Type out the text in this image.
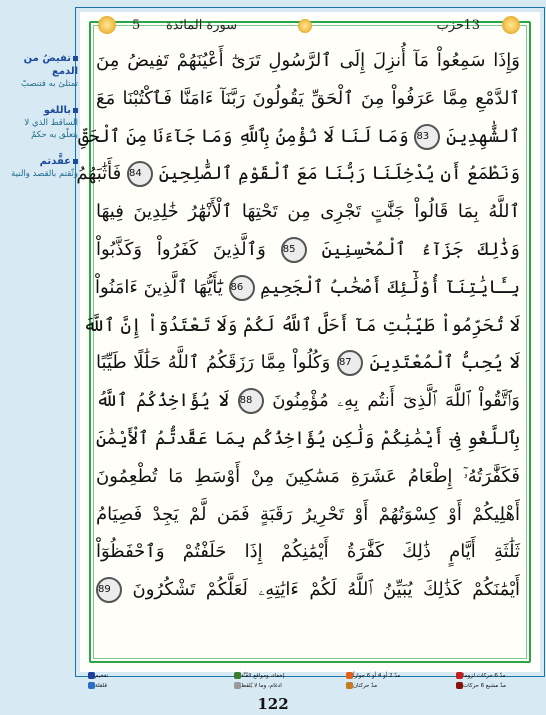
5 سورة المائدة	حزب 13
وَإِذَا سَمِعُواْ مَآ أُنزِلَ إِلَى ٱلرَّسُولِ تَرَىٰٓ أَعْيُنَهُمْ تَفِيضُ مِنَ
ٱلدَّمْعِ مِمَّا عَرَفُواْ مِنَ ٱلْحَقِّ يَقُولُونَ رَبَّنَآ ءَامَنَّا فَٱكْتُبْنَا مَعَ
ٱلشَّٰهِدِينَ 83 وَمَا لَنَا لَا نُؤْمِنُ بِٱللَّهِ وَمَا جَآءَنَا مِنَ ٱلْحَقِّ
وَنَطْمَعُ أَن يُدْخِلَنَا رَبُّنَا مَعَ ٱلْقَوْمِ ٱلصَّٰلِحِينَ 84 فَأَثَٰبَهُمُ
ٱللَّهُ بِمَا قَالُواْ جَنَّٰتٍ تَجْرِى مِن تَحْتِهَا ٱلْأَنْهَٰرُ خَٰلِدِينَ فِيهَا
وَذَٰلِكَ جَزَآءُ ٱلْمُحْسِنِينَ 85 وَٱلَّذِينَ كَفَرُواْ وَكَذَّبُواْ
بِـَٔايَٰتِنَآ أُوْلَٰٓئِكَ أَصْحَٰبُ ٱلْجَحِيمِ 86 يَٰٓأَيُّهَا ٱلَّذِينَ ءَامَنُواْ
لَا تُحَرِّمُواْ طَيِّبَٰتِ مَآ أَحَلَّ ٱللَّهُ لَكُمْ وَلَا تَعْتَدُوٓاْ إِنَّ ٱللَّهَ
لَا يُحِبُّ ٱلْمُعْتَدِينَ 87 وَكُلُواْ مِمَّا رَزَقَكُمُ ٱللَّهُ حَلَٰلًا طَيِّبًا
وَٱتَّقُواْ ٱللَّهَ ٱلَّذِىٓ أَنتُم بِهِۦ مُؤْمِنُونَ 88 لَا يُؤَاخِذُكُمُ ٱللَّهُ
بِٱللَّغْوِ فِىٓ أَيْمَٰنِكُمْ وَلَٰكِن يُؤَاخِذُكُم بِمَا عَقَّدتُّمُ ٱلْأَيْمَٰنَ
فَكَفَّٰرَتُهُۥٓ إِطْعَامُ عَشَرَةِ مَسَٰكِينَ مِنْ أَوْسَطِ مَا تُطْعِمُونَ
أَهْلِيكُمْ أَوْ كِسْوَتُهُمْ أَوْ تَحْرِيرُ رَقَبَةٍ فَمَن لَّمْ يَجِدْ فَصِيَامُ
ثَلَٰثَةِ أَيَّامٍ ذَٰلِكَ كَفَّٰرَةُ أَيْمَٰنِكُمْ إِذَا حَلَفْتُمْ وَٱحْفَظُوٓاْ
أَيْمَٰنَكُمْ كَذَٰلِكَ يُبَيِّنُ ٱللَّهُ لَكُمْ ءَايَٰتِهِۦ لَعَلَّكُمْ تَشْكُرُونَ 89
تفيضُ من الدمع
تمتلئ به فتنصبّ
باللغو
الساقط الذي لا يتعلّق به حكمٌ
عقَّدتم
وثّقتم بالقصد والنية
مدّ 6 حركات لزوما
مدّ 2 أو 4 أو 6 جوازاً
إخفاء، ومواقع الغُنَّة
تفخيم
مدّ مشبع 6 حركات
مدّ حركتان
ادغام، وما لا يُلفَظ
قلقلة
122
